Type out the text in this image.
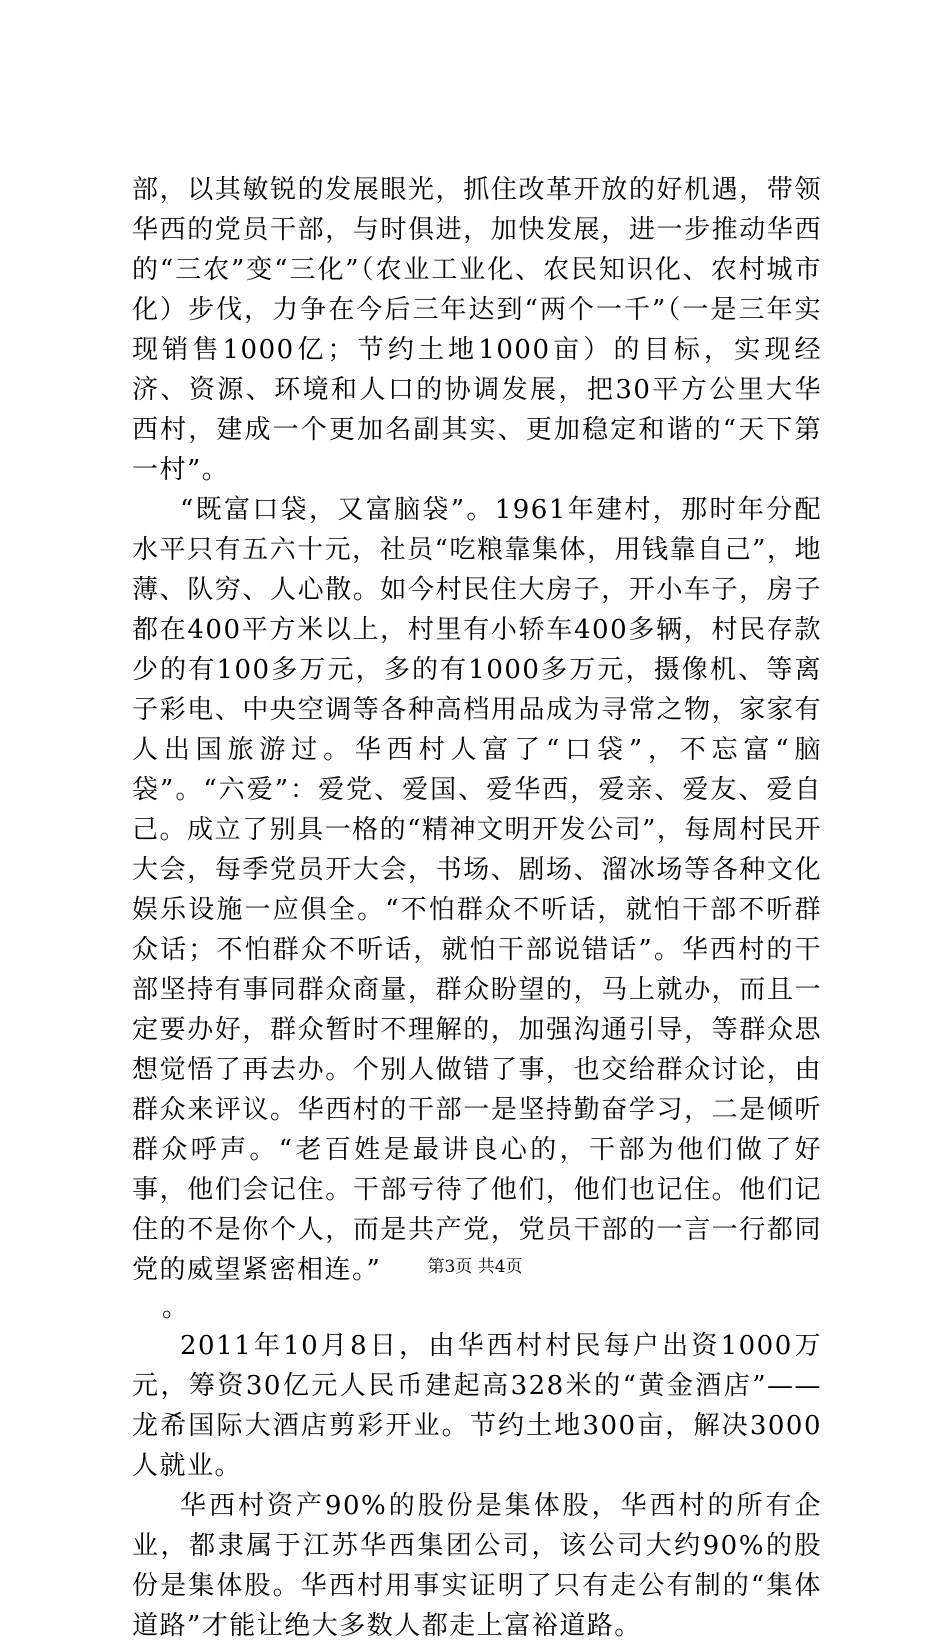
部，以其敏锐的发展眼光，抓住改革开放的好机遇，带领华西的党员干部，与时俱进，加快发展，进一步推动华西的“三农”变“三化”（农业工业化、农民知识化、农村城市化）步伐，力争在今后三年达到“两个一千”（一是三年实现销售1000亿；节约土地1000亩）的目标，实现经济、资源、环境和人口的协调发展，把30平方公里大华西村，建成一个更加名副其实、更加稳定和谐的“天下第一村”。

“既富口袋，又富脑袋”。1961年建村，那时年分配水平只有五六十元，社员“吃粮靠集体，用钱靠自己”，地薄、队穷、人心散。如今村民住大房子，开小车子，房子都在400平方米以上，村里有小轿车400多辆，村民存款少的有100多万元，多的有1000多万元，摄像机、等离子彩电、中央空调等各种高档用品成为寻常之物，家家有人出国旅游过。华西村人富了“口袋”，不忘富“脑袋”。“六爱”：爱党、爱国、爱华西，爱亲、爱友、爱自己。成立了别具一格的“精神文明开发公司”，每周村民开大会，每季党员开大会，书场、剧场、溜冰场等各种文化娱乐设施一应俱全。“不怕群众不听话，就怕干部不听群众话；不怕群众不听话，就怕干部说错话”。华西村的干部坚持有事同群众商量，群众盼望的，马上就办，而且一定要办好，群众暂时不理解的，加强沟通引导，等群众思想觉悟了再去办。个别人做错了事，也交给群众讨论，由群众来评议。华西村的干部一是坚持勤奋学习，二是倾听群众呼声。“老百姓是最讲良心的，干部为他们做了好事，他们会记住。干部亏待了他们，他们也记住。他们记住的不是你个人，而是共产党，党员干部的一言一行都同党的威望紧密相连。”

。

2011年10月8日，由华西村村民每户出资1000万元，筹资30亿元人民币建起高328米的“黄金酒店”——龙希国际大酒店剪彩开业。节约土地300亩，解决3000人就业。

华西村资产90%的股份是集体股，华西村的所有企业，都隶属于江苏华西集团公司，该公司大约90%的股份是集体股。华西村用事实证明了只有走公有制的“集体道路”才能让绝大多数人都走上富裕道路。

第3页 共4页
